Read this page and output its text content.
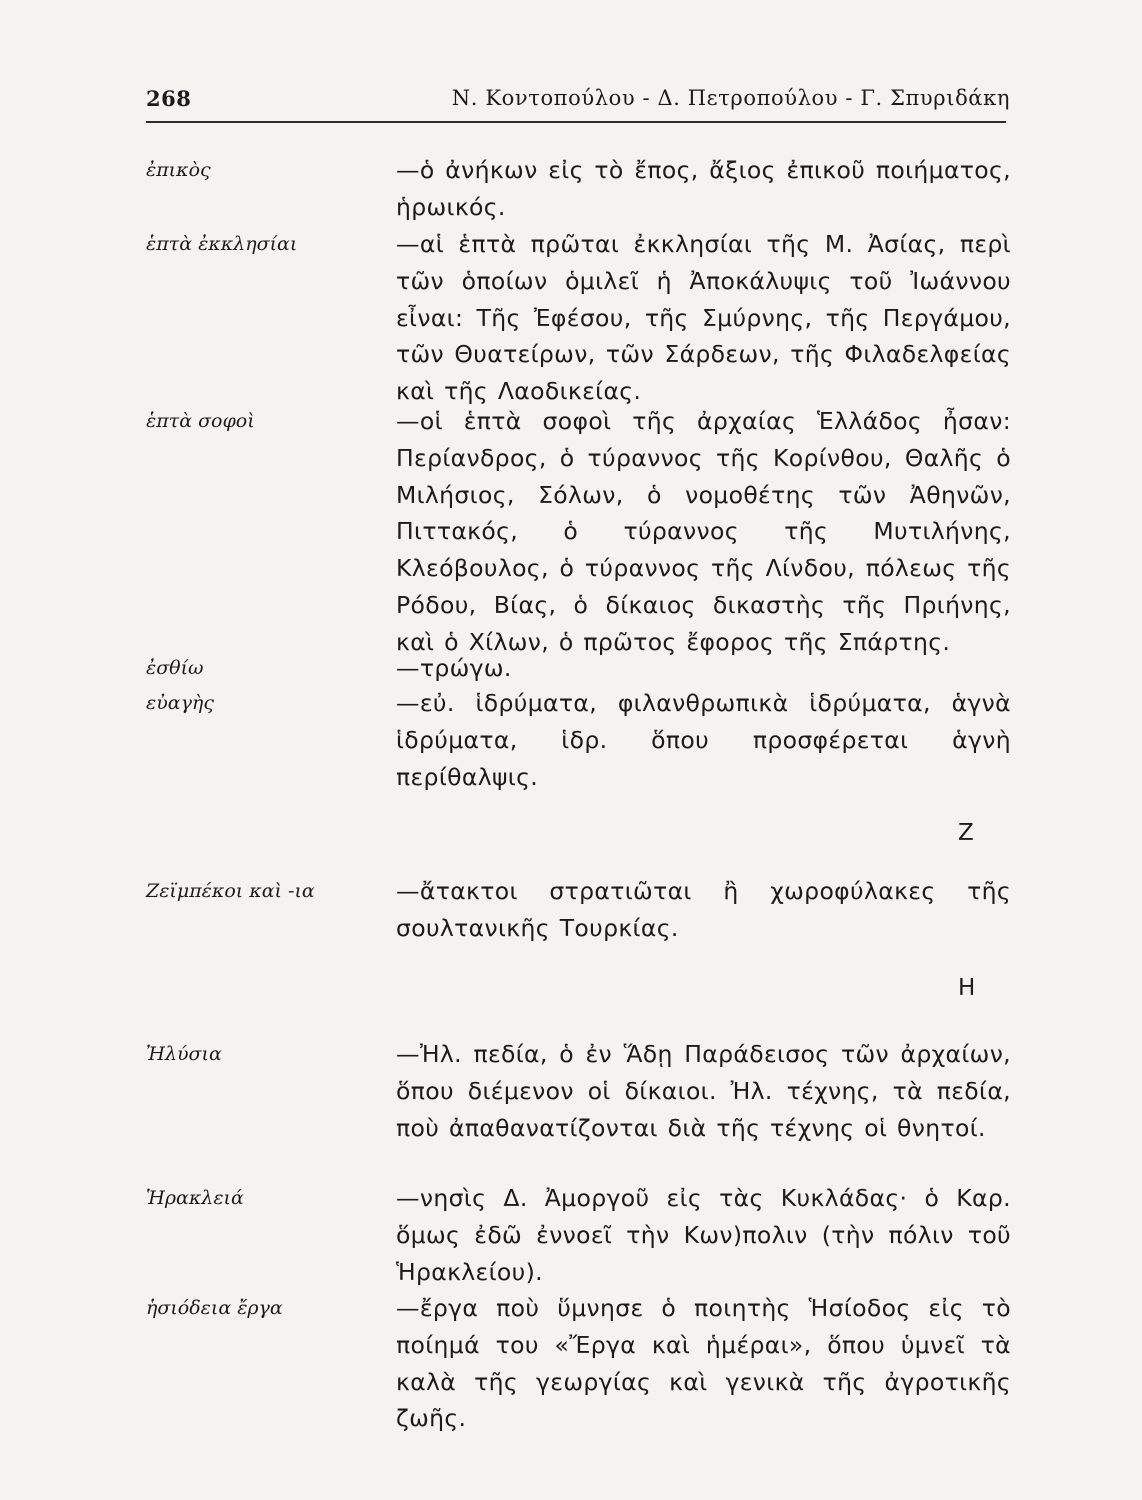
268	Ν. Κοντοπούλου - Δ. Πετροπούλου - Γ. Σπυριδάκη
ἐπικὸς	—ὁ ἀνήκων εἰς τὸ ἔπος, ἄξιος ἐπικοῦ ποιήματος, ἡρωικός.
ἑπτὰ ἐκκλησίαι	—αἱ ἑπτὰ πρῶται ἐκκλησίαι τῆς Μ. Ἀσίας, περὶ τῶν ὁποίων ὁμιλεῖ ἡ Ἀποκάλυψις τοῦ Ἰωάννου εἶναι: Τῆς Ἐφέσου, τῆς Σμύρνης, τῆς Περγάμου, τῶν Θυατείρων, τῶν Σάρδεων, τῆς Φιλαδελφείας καὶ τῆς Λαοδικείας.
ἑπτὰ σοφοὶ	—οἱ ἑπτὰ σοφοὶ τῆς ἀρχαίας Ἑλλάδος ἦσαν: Περίανδρος, ὁ τύραννος τῆς Κορίνθου, Θαλῆς ὁ Μιλήσιος, Σόλων, ὁ νομοθέτης τῶν Ἀθηνῶν, Πιττακός, ὁ τύραννος τῆς Μυτιλήνης, Κλεόβουλος, ὁ τύραννος τῆς Λίνδου, πόλεως τῆς Ρόδου, Βίας, ὁ δίκαιος δικαστὴς τῆς Πριήνης, καὶ ὁ Χίλων, ὁ πρῶτος ἔφορος τῆς Σπάρτης.
ἐσθίω	—τρώγω.
εὐαγὴς	—εὐ. ἱδρύματα, φιλανθρωπικὰ ἱδρύματα, ἁγνὰ ἱδρύματα, ἱδρ. ὅπου προσφέρεται ἁγνὴ περίθαλψις.
Ζ
Ζεϊμπέκοι καὶ -ια	—ἄτακτοι στρατιῶται ἢ χωροφύλακες τῆς σουλτανικῆς Τουρκίας.
Η
Ἠλύσια	—Ἠλ. πεδία, ὁ ἐν Ἅδῃ Παράδεισος τῶν ἀρχαίων, ὅπου διέμενον οἱ δίκαιοι. Ἠλ. τέχνης, τὰ πεδία, ποὺ ἀπαθανατίζονται διὰ τῆς τέχνης οἱ θνητοί.
Ἡρακλειά	—νησὶς Δ. Ἀμοργοῦ εἰς τὰς Κυκλάδας· ὁ Καρ. ὅμως ἐδῶ ἐννοεῖ τὴν Κων)πολιν (τὴν πόλιν τοῦ Ἡρακλείου).
ἡσιόδεια ἔργα	—ἔργα ποὺ ὕμνησε ὁ ποιητὴς Ἡσίοδος εἰς τὸ ποίημά του «Ἔργα καὶ ἡμέραι», ὅπου ὑμνεῖ τὰ καλὰ τῆς γεωργίας καὶ γενικὰ τῆς ἀγροτικῆς ζωῆς.
